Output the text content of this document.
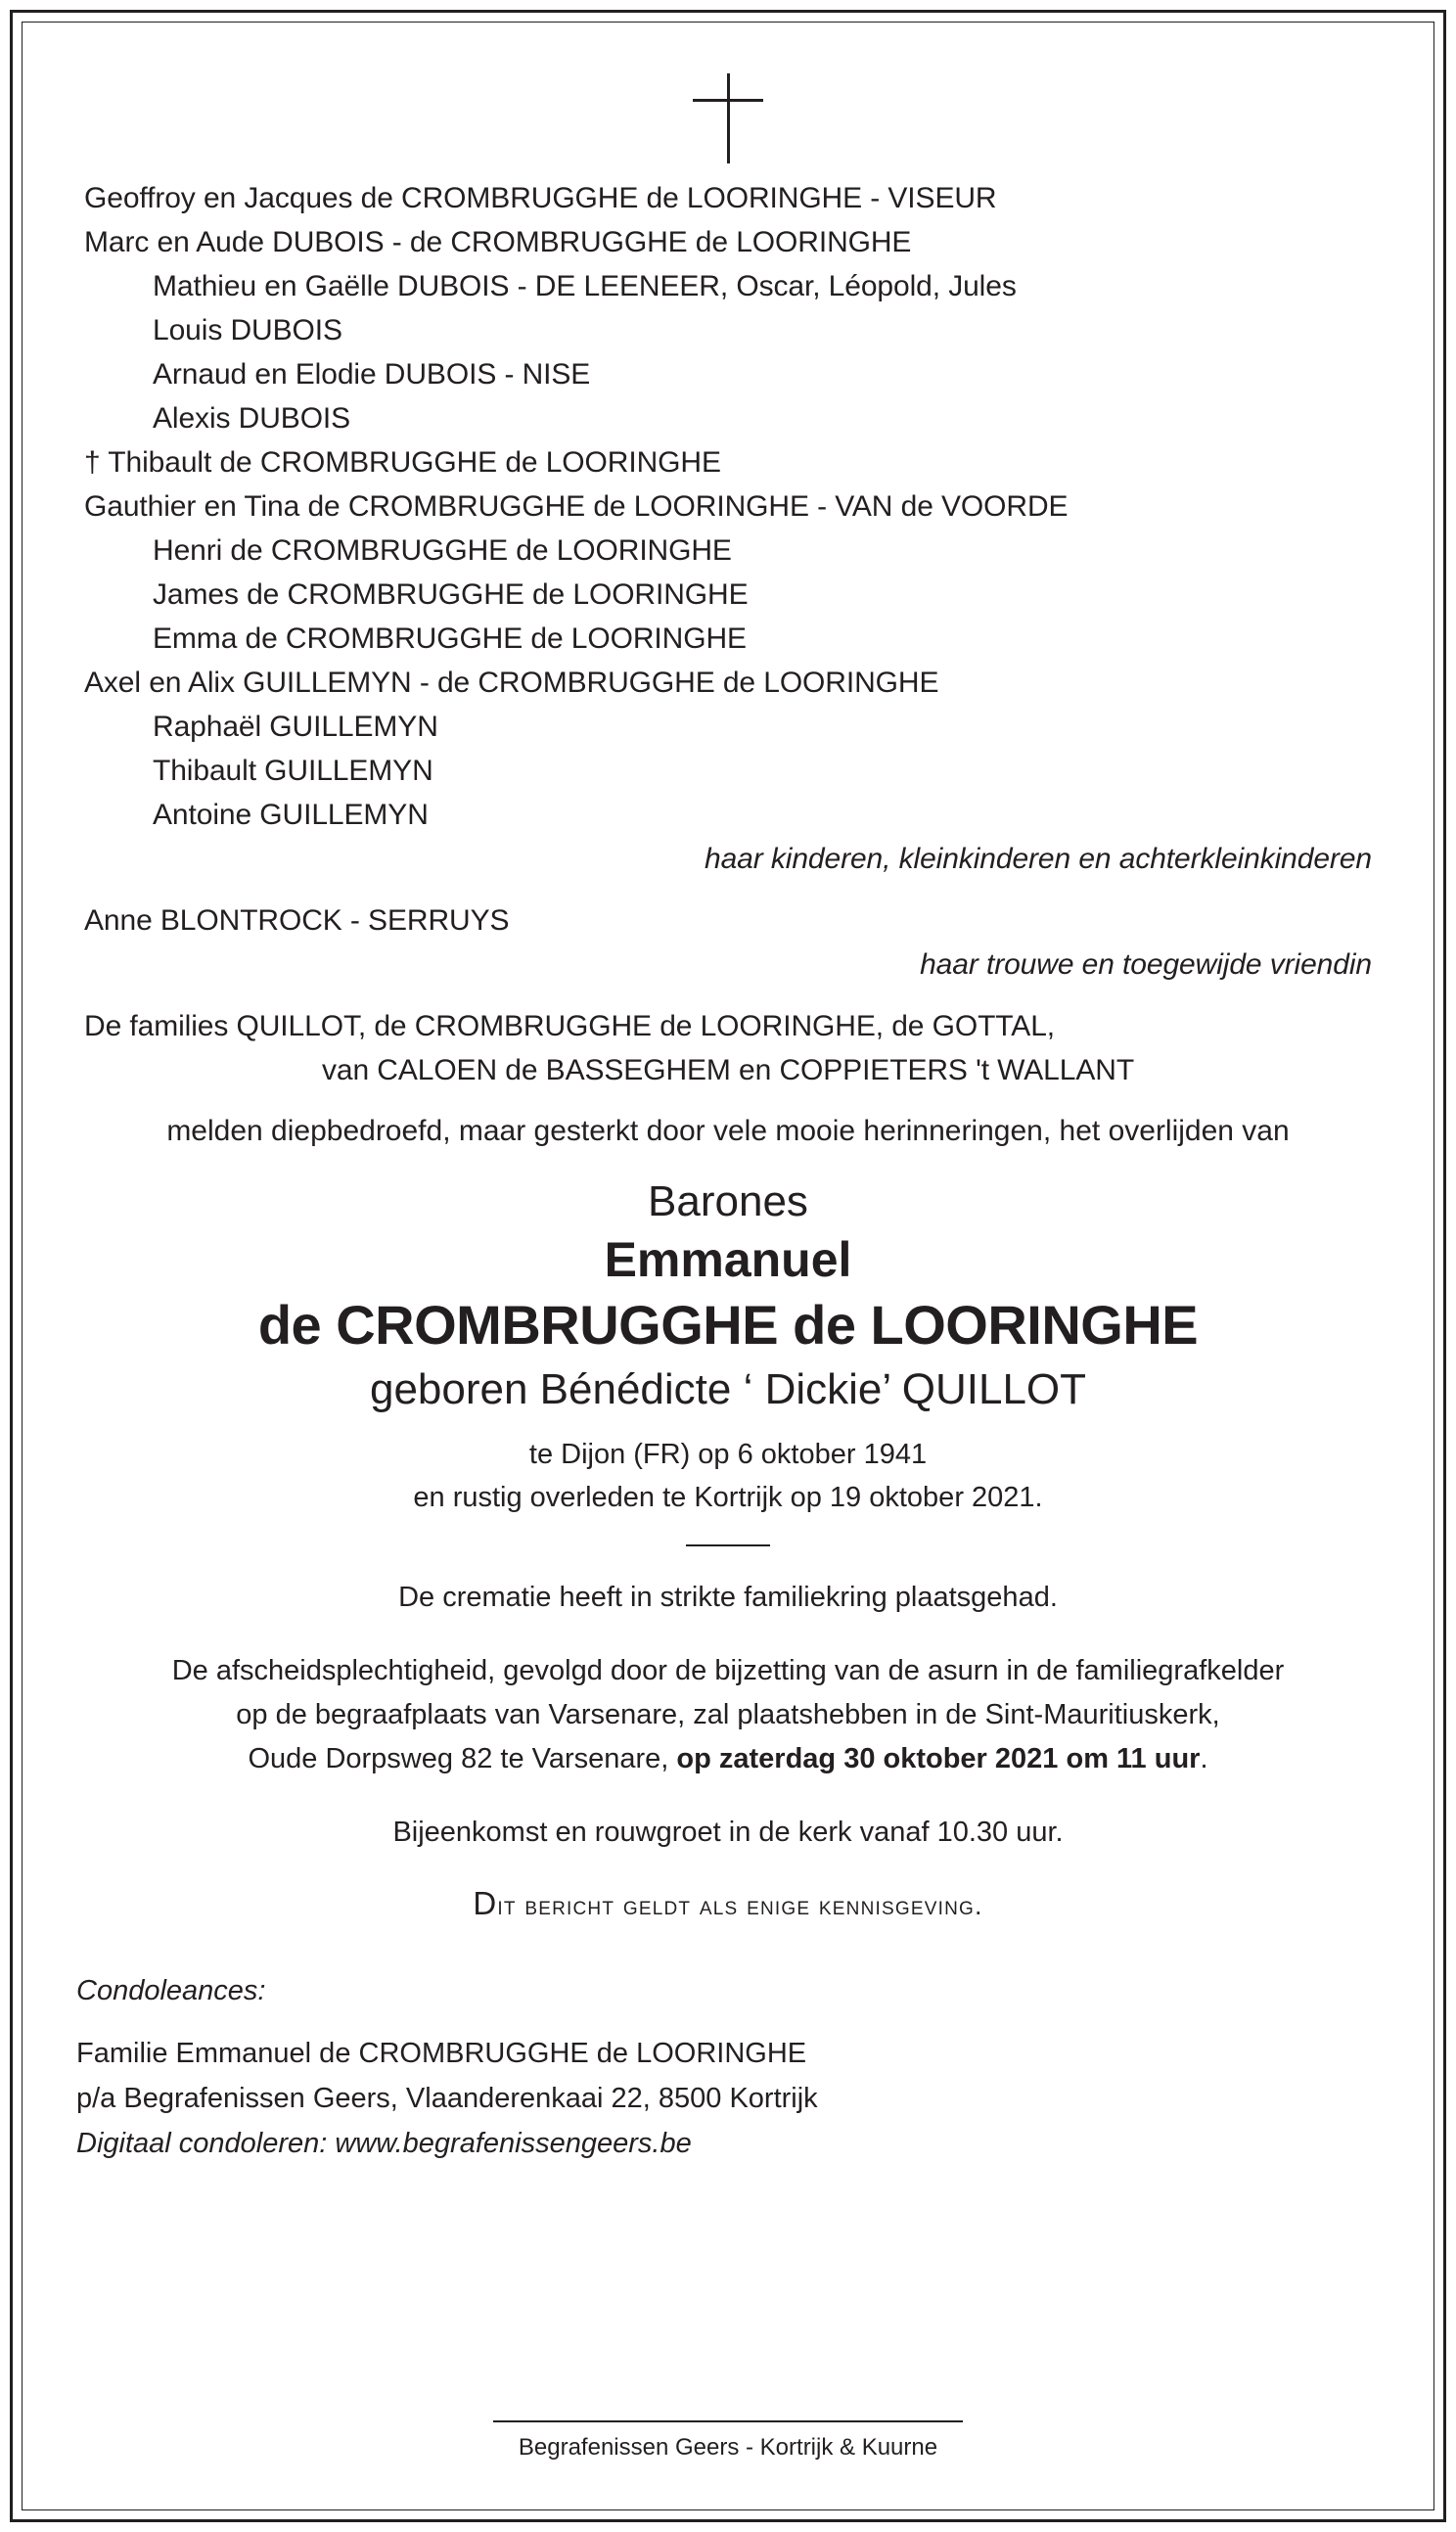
Geoffroy en Jacques de CROMBRUGGHE de LOORINGHE - VISEUR
Marc en Aude DUBOIS - de CROMBRUGGHE de LOORINGHE
Mathieu en Gaëlle DUBOIS - DE LEENEER, Oscar, Léopold, Jules
Louis DUBOIS
Arnaud en Elodie DUBOIS - NISE
Alexis DUBOIS
† Thibault de CROMBRUGGHE de LOORINGHE
Gauthier en Tina de CROMBRUGGHE de LOORINGHE - VAN de VOORDE
Henri de CROMBRUGGHE de LOORINGHE
James de CROMBRUGGHE de LOORINGHE
Emma de CROMBRUGGHE de LOORINGHE
Axel en Alix GUILLEMYN - de CROMBRUGGHE de LOORINGHE
Raphaël GUILLEMYN
Thibault GUILLEMYN
Antoine GUILLEMYN
haar kinderen, kleinkinderen en achterkleinkinderen
Anne BLONTROCK - SERRUYS
haar trouwe en toegewijde vriendin
De families QUILLOT, de CROMBRUGGHE de LOORINGHE, de GOTTAL,
van CALOEN de BASSEGHEM en COPPIETERS 't WALLANT
melden diepbedroefd, maar gesterkt door vele mooie herinneringen, het overlijden van
Barones
Emmanuel
de CROMBRUGGHE de LOORINGHE
geboren Bénédicte ‘ Dickie’ QUILLOT
te Dijon (FR) op 6 oktober 1941
en rustig overleden te Kortrijk op 19 oktober 2021.
De crematie heeft in strikte familiekring plaatsgehad.
De afscheidsplechtigheid, gevolgd door de bijzetting van de asurn in de familiegrafkelder
op de begraafplaats van Varsenare, zal plaatshebben in de Sint-Mauritiuskerk,
Oude Dorpsweg 82 te Varsenare, op zaterdag 30 oktober 2021 om 11 uur.
Bijeenkomst en rouwgroet in de kerk vanaf 10.30 uur.
Dit bericht geldt als enige kennisgeving.
Condoleances:
Familie Emmanuel de CROMBRUGGHE de LOORINGHE
p/a Begrafenissen Geers, Vlaanderenkaai 22, 8500 Kortrijk
Digitaal condoleren: www.begrafenissengeers.be
Begrafenissen Geers - Kortrijk & Kuurne
